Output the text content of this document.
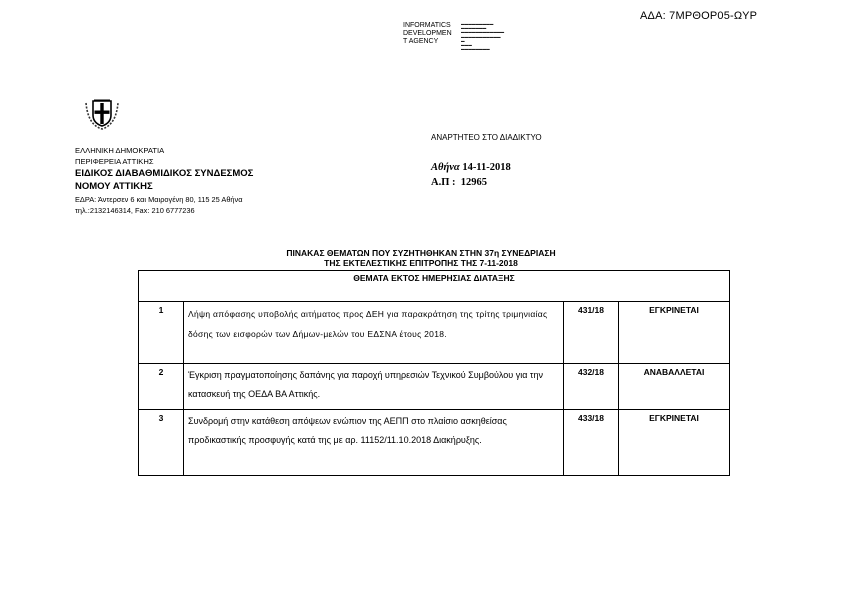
ΑΔΑ: 7ΜΡΘΟΡ05-ΩΥΡ
INFORMATICS
DEVELOPMEN
T AGENCY
▬▬▬▬▬▬▬▬▬
▬▬▬▬▬▬▬
▬▬▬▬▬▬▬▬▬▬▬▬
▬▬▬▬▬▬▬▬▬▬▬
▬
▬▬▬
▬▬▬▬▬▬▬▬
ΕΛΛΗΝΙΚΗ ΔΗΜΟΚΡΑΤΙΑ
ΠΕΡΙΦΕΡΕΙΑ ΑΤΤΙΚΗΣ
ΕΙΔΙΚΟΣ ΔΙΑΒΑΘΜΙΔΙΚΟΣ ΣΥΝΔΕΣΜΟΣ
ΝΟΜΟΥ ΑΤΤΙΚΗΣ
ΕΔΡΑ: Άντερσεν 6 και Μαιρογένη 80, 115 25 Αθήνα
τηλ.:2132146314, Fax: 210 6777236
ΑΝΑΡΤΗΤΕΟ ΣΤΟ ΔΙΑΔΙΚΤΥΟ
Αθήνα 14-11-2018
Α.Π : 12965
ΠΙΝΑΚΑΣ ΘΕΜΑΤΩΝ ΠΟΥ ΣΥΖΗΤΗΘΗΚΑΝ ΣΤΗΝ 37η ΣΥΝΕΔΡΙΑΣΗ
ΤΗΣ ΕΚΤΕΛΕΣΤΙΚΗΣ ΕΠΙΤΡΟΠΗΣ ΤΗΣ 7-11-2018
ΘΕΜΑΤΑ ΕΚΤΟΣ ΗΜΕΡΗΣΙΑΣ ΔΙΑΤΑΞΗΣ			
1	Λήψη απόφασης υποβολής αιτήματος προς ΔΕΗ για παρακράτηση της τρίτης τριμηνιαίας δόσης των εισφορών των Δήμων-μελών του ΕΔΣΝΑ έτους 2018.	431/18	ΕΓΚΡΙΝΕΤΑΙ
2	Έγκριση πραγματοποίησης δαπάνης για παροχή υπηρεσιών Τεχνικού Συμβούλου για την κατασκευή της ΟΕΔΑ ΒΑ Αττικής.	432/18	ΑΝΑΒΑΛΛΕΤΑΙ
3	Συνδρομή στην κατάθεση απόψεων ενώπιον της ΑΕΠΠ στο πλαίσιο ασκηθείσας προδικαστικής προσφυγής κατά της με αρ. 11152/11.10.2018 Διακήρυξης.	433/18	ΕΓΚΡΙΝΕΤΑΙ
